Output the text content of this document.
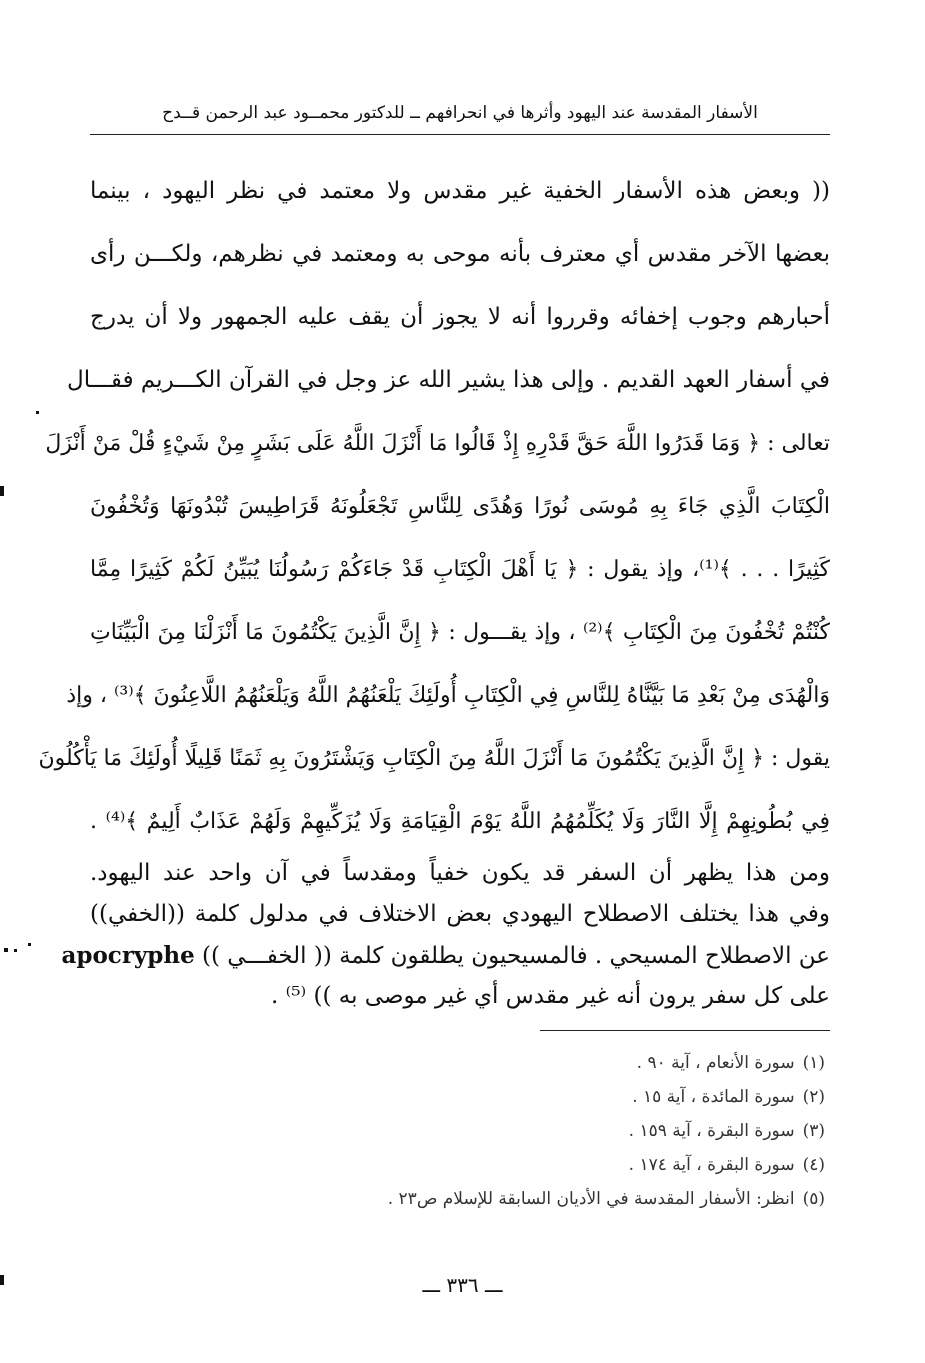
الأسفار المقدسة عند اليهود وأثرها في انحرافهم ــ للدكتور محمــود عبد الرحمن قــدح
(( وبعض هذه الأسفار الخفية غير مقدس ولا معتمد في نظر اليهود ، بينما
بعضها الآخر مقدس أي معترف بأنه موحى به ومعتمد في نظرهم، ولكـــن رأى
أحبارهم وجوب إخفائه وقرروا أنه لا يجوز أن يقف عليه الجمهور ولا أن يدرج
في أسفار العهد القديم . وإلى هذا يشير الله عز وجل في القرآن الكـــريم فقـــال
تعالى : ﴿ وَمَا قَدَرُوا اللَّهَ حَقَّ قَدْرِهِ إِذْ قَالُوا مَا أَنْزَلَ اللَّهُ عَلَى بَشَرٍ مِنْ شَيْءٍ قُلْ مَنْ أَنْزَلَ
الْكِتَابَ الَّذِي جَاءَ بِهِ مُوسَى نُورًا وَهُدًى لِلنَّاسِ تَجْعَلُونَهُ قَرَاطِيسَ تُبْدُونَهَا وَتُخْفُونَ
كَثِيرًا . . . ﴾⁽¹⁾، وإذ يقول : ﴿ يَا أَهْلَ الْكِتَابِ قَدْ جَاءَكُمْ رَسُولُنَا يُبَيِّنُ لَكُمْ كَثِيرًا مِمَّا
كُنْتُمْ تُخْفُونَ مِنَ الْكِتَابِ ﴾⁽²⁾ ، وإذ يقـــول : ﴿ إِنَّ الَّذِينَ يَكْتُمُونَ مَا أَنْزَلْنَا مِنَ الْبَيِّنَاتِ
وَالْهُدَى مِنْ بَعْدِ مَا بَيَّنَّاهُ لِلنَّاسِ فِي الْكِتَابِ أُولَئِكَ يَلْعَنُهُمُ اللَّهُ وَيَلْعَنُهُمُ اللَّاعِنُونَ ﴾⁽³⁾ ، وإذ
يقول : ﴿ إِنَّ الَّذِينَ يَكْتُمُونَ مَا أَنْزَلَ اللَّهُ مِنَ الْكِتَابِ وَيَشْتَرُونَ بِهِ ثَمَنًا قَلِيلًا أُولَئِكَ مَا يَأْكُلُونَ
فِي بُطُونِهِمْ إِلَّا النَّارَ وَلَا يُكَلِّمُهُمُ اللَّهُ يَوْمَ الْقِيَامَةِ وَلَا يُزَكِّيهِمْ وَلَهُمْ عَذَابٌ أَلِيمٌ ﴾⁽⁴⁾ .
ومن هذا يظهر أن السفر قد يكون خفياً ومقدساً في آن واحد عند اليهود.
وفي هذا يختلف الاصطلاح اليهودي بعض الاختلاف في مدلول كلمة ((الخفي))
عن الاصطلاح المسيحي . فالمسيحيون يطلقون كلمة (( الخفـــي )) apocryphe
على كل سفر يرون أنه غير مقدس أي غير موصى به )) ⁽⁵⁾ .
(١)سورة الأنعام ، آية ٩٠ .
(٢)سورة المائدة ، آية ١٥ .
(٣)سورة البقرة ، آية ١٥٩ .
(٤)سورة البقرة ، آية ١٧٤ .
(٥)انظر: الأسفار المقدسة في الأديان السابقة للإسلام ص٢٣ .
ـــ ٣٣٦ ـــ
